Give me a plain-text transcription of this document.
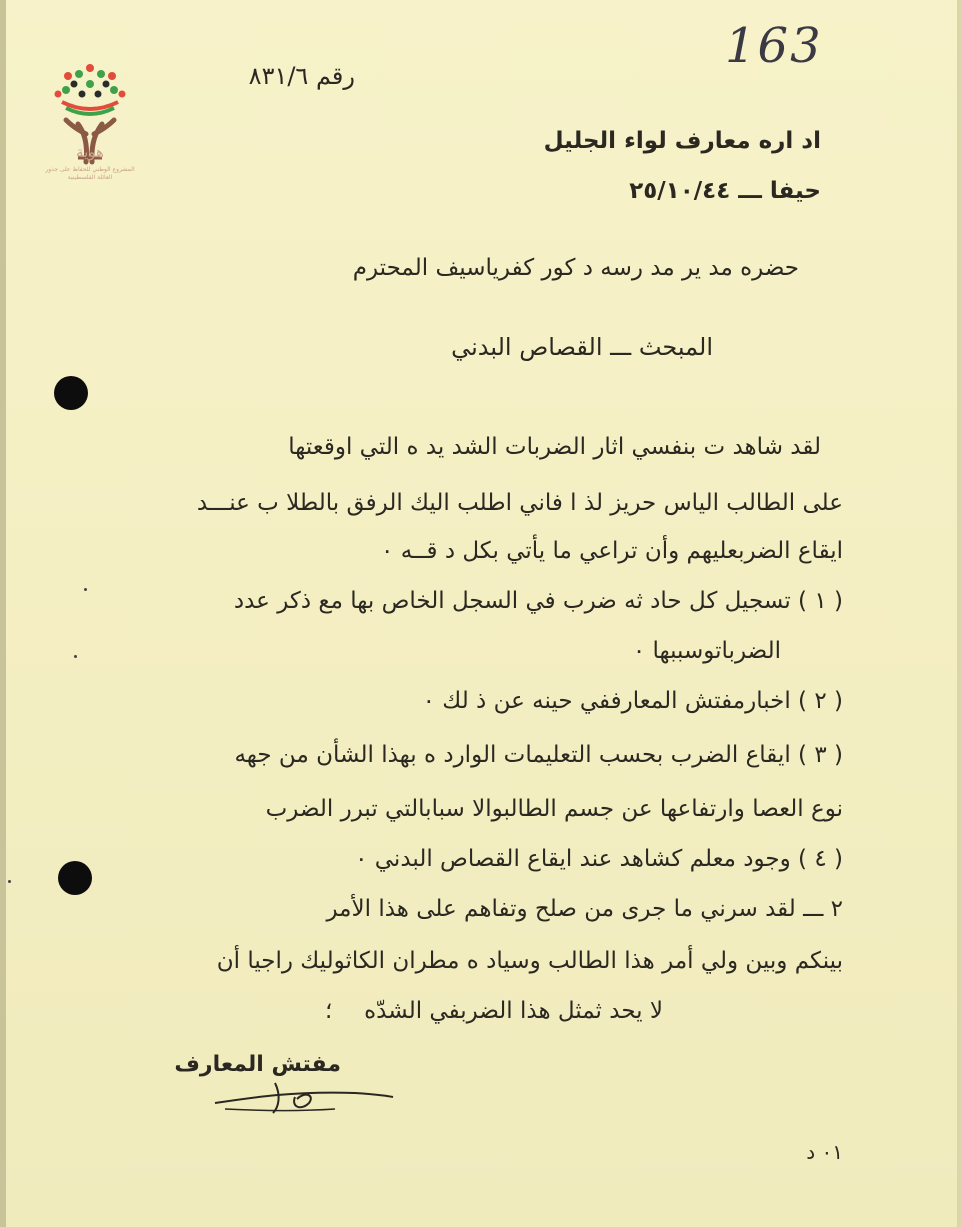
هوية
المشروع الوطني للحفاظ على جذور العائلة الفلسطينية
163
رقم ٨٣١/٦
اد اره معارف لواء الجليل
حيفا ـــ ٢٥/١٠/٤٤
حضره مد ير مد رسه د كور كفرياسيف المحترم
المبحث ـــ القصاص البدني
لقد شاهد ت بنفسي اثار الضربات الشد يد ه التي اوقعتها
على الطالب الياس حريز لذ ا فاني اطلب اليك الرفق بالطلا ب عنـــد
ايقاع الضربعليهم وأن تراعي ما يأتي بكل د قــه ٠
( ١ ) تسجيل كل حاد ثه ضرب في السجل الخاص بها مع ذكر عدد
الضرباتوسببها ٠
( ٢ ) اخبارمفتش المعارففي حينه عن ذ لك ٠
( ٣ ) ايقاع الضرب بحسب التعليمات الوارد ه بهذا الشأن من جهه
نوع العصا وارتفاعها عن جسم الطالبوالا سبابالتي تبرر الضرب
( ٤ ) وجود معلم كشاهد عند ايقاع القصاص البدني ٠
٢ ـــ لقد سرني ما جرى من صلح وتفاهم على هذا الأمر
بينكم وبين ولي أمر هذا الطالب وسياد ه مطران الكاثوليك راجيا أن
لا يحد ثمثل هذا الضربفي الشدّه
؛
مفتش المعارف
٠١ د
